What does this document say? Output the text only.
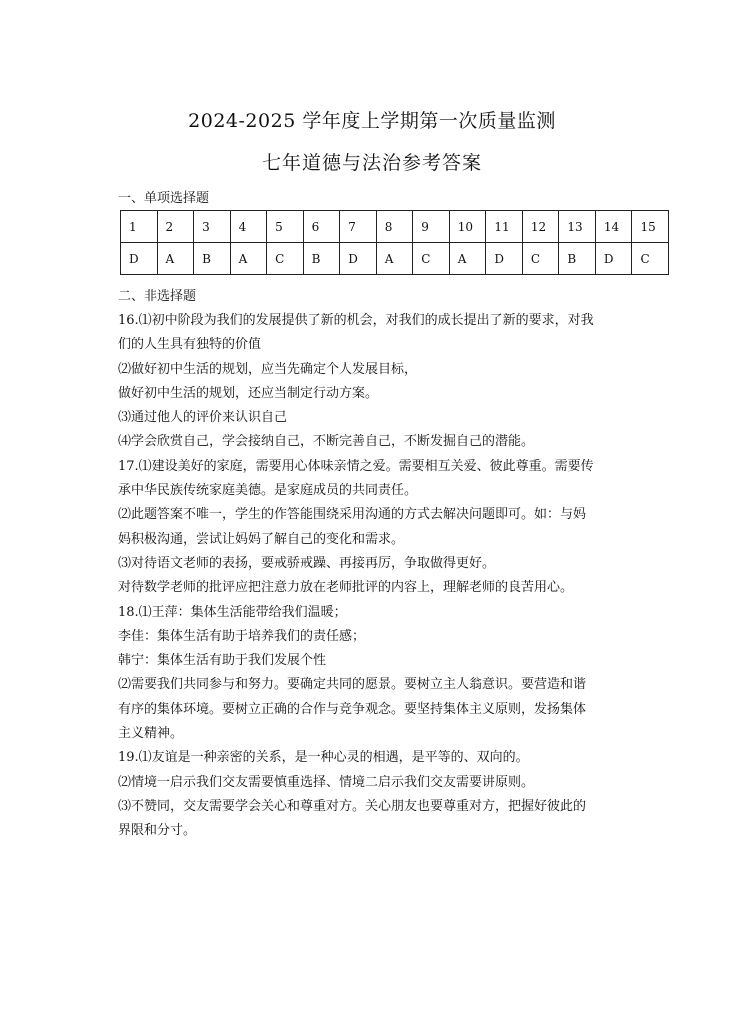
2024-2025 学年度上学期第一次质量监测
七年道德与法治参考答案
一、单项选择题
1	2	3	4	5	6	7	8	9	10	11	12	13	14	15
D	A	B	A	C	B	D	A	C	A	D	C	B	D	C
二、非选择题
16.⑴初中阶段为我们的发展提供了新的机会，对我们的成长提出了新的要求，对我
们的人生具有独特的价值
⑵做好初中生活的规划，应当先确定个人发展目标，
做好初中生活的规划，还应当制定行动方案。
⑶通过他人的评价来认识自己
⑷学会欣赏自己，学会接纳自己，不断完善自己，不断发掘自己的潜能。
17.⑴建设美好的家庭，需要用心体味亲情之爱。需要相互关爱、彼此尊重。需要传
承中华民族传统家庭美德。是家庭成员的共同责任。
⑵此题答案不唯一，学生的作答能围绕采用沟通的方式去解决问题即可。如：与妈
妈积极沟通，尝试让妈妈了解自己的变化和需求。
⑶对待语文老师的表扬，要戒骄戒躁、再接再厉，争取做得更好。
对待数学老师的批评应把注意力放在老师批评的内容上，理解老师的良苦用心。
18.⑴王萍：集体生活能带给我们温暖；
李佳：集体生活有助于培养我们的责任感；
韩宁：集体生活有助于我们发展个性
⑵需要我们共同参与和努力。要确定共同的愿景。要树立主人翁意识。要营造和谐
有序的集体环境。要树立正确的合作与竞争观念。要坚持集体主义原则，发扬集体
主义精神。
19.⑴友谊是一种亲密的关系，是一种心灵的相遇，是平等的、双向的。
⑵情境一启示我们交友需要慎重选择、情境二启示我们交友需要讲原则。
⑶不赞同，交友需要学会关心和尊重对方。关心朋友也要尊重对方，把握好彼此的
界限和分寸。
